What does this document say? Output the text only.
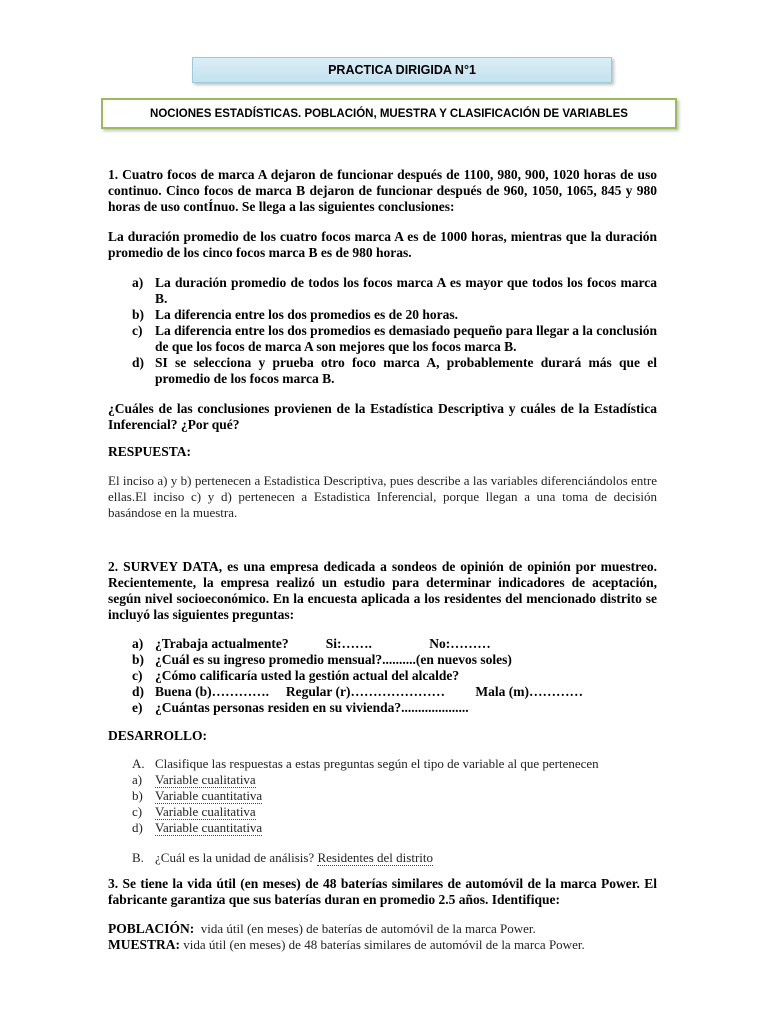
PRACTICA DIRIGIDA N°1
NOCIONES ESTADÍSTICAS. POBLACIÓN, MUESTRA Y CLASIFICACIÓN DE VARIABLES

1. Cuatro focos de marca A dejaron de funcionar después de 1100, 980, 900, 1020 horas de uso continuo. Cinco focos de marca B dejaron de funcionar después de 960, 1050, 1065, 845 y 980 horas de uso contÍnuo. Se llega a las siguientes conclusiones:

La duración promedio de los cuatro focos marca A es de 1000 horas, mientras que la duración promedio de los cinco focos marca B es de 980 horas.

a) La duración promedio de todos los focos marca A es mayor que todos los focos marca B.
b) La diferencia entre los dos promedios es de 20 horas.
c) La diferencia entre los dos promedios es demasiado pequeño para llegar a la conclusión de que los focos de marca A son mejores que los focos marca B.
d) SI se selecciona y prueba otro foco marca A, probablemente durará más que el promedio de los focos marca B.

¿Cuáles de las conclusiones provienen de la Estadística Descriptiva y cuáles de la Estadística Inferencial? ¿Por qué?

RESPUESTA:

El inciso a) y b) pertenecen a Estadistica Descriptiva, pues describe a las variables diferenciándolos entre ellas.El inciso c) y d) pertenecen a Estadistica Inferencial, porque llegan a una toma de decisión basándose en la muestra.

2. SURVEY DATA, es una empresa dedicada a sondeos de opinión de opinión por muestreo. Recientemente, la empresa realizó un estudio para determinar indicadores de aceptación, según nivel socioeconómico. En la encuesta aplicada a los residentes del mencionado distrito se incluyó las siguientes preguntas:

a) ¿Trabaja actualmente?           Si:…….                 No:………
b) ¿Cuál es su ingreso promedio mensual?..........(en nuevos soles)
c) ¿Cómo calificaría usted la gestión actual del alcalde?
d) Buena (b)………….     Regular (r)…………………         Mala (m)…………
e) ¿Cuántas personas residen en su vivienda?....................

DESARROLLO:

A. Clasifique las respuestas a estas preguntas según el tipo de variable al que pertenecen
a) Variable cualitativa
b) Variable cuantitativa
c) Variable cualitativa
d) Variable cuantitativa
B. ¿Cuál es la unidad de análisis? Residentes del distrito

3. Se tiene la vida útil (en meses) de 48 baterías similares de automóvil de la marca Power. El fabricante garantiza que sus baterías duran en promedio 2.5 años. Identifique:

POBLACIÓN:  vida útil (en meses) de baterías de automóvil de la marca Power.

MUESTRA: vida útil (en meses) de 48 baterías similares de automóvil de la marca Power.
